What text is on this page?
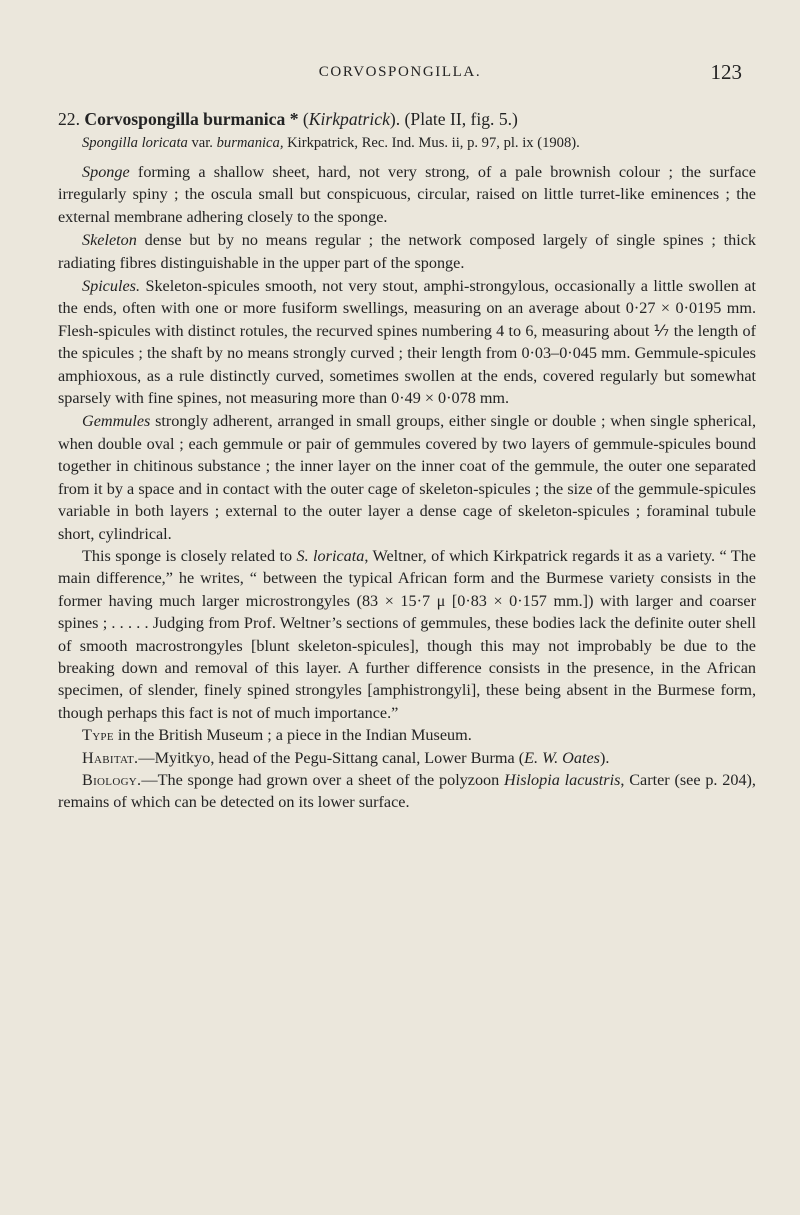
CORVOSPONGILLA.	123
22. Corvospongilla burmanica * (Kirkpatrick). (Plate II, fig. 5.)
Spongilla loricata var. burmanica, Kirkpatrick, Rec. Ind. Mus. ii, p. 97, pl. ix (1908).

Sponge forming a shallow sheet, hard, not very strong, of a pale brownish colour ; the surface irregularly spiny ; the oscula small but conspicuous, circular, raised on little turret-like eminences ; the external membrane adhering closely to the sponge.

Skeleton dense but by no means regular ; the network composed largely of single spines ; thick radiating fibres distinguishable in the upper part of the sponge.

Spicules. Skeleton-spicules smooth, not very stout, amphi-strongylous, occasionally a little swollen at the ends, often with one or more fusiform swellings, measuring on an average about 0·27 × 0·0195 mm. Flesh-spicules with distinct rotules, the recurved spines numbering 4 to 6, measuring about ⅐ the length of the spicules ; the shaft by no means strongly curved ; their length from 0·03–0·045 mm. Gemmule-spicules amphioxous, as a rule distinctly curved, sometimes swollen at the ends, covered regularly but somewhat sparsely with fine spines, not measuring more than 0·49 × 0·078 mm.

Gemmules strongly adherent, arranged in small groups, either single or double ; when single spherical, when double oval ; each gemmule or pair of gemmules covered by two layers of gemmule-spicules bound together in chitinous substance ; the inner layer on the inner coat of the gemmule, the outer one separated from it by a space and in contact with the outer cage of skeleton-spicules ; the size of the gemmule-spicules variable in both layers ; external to the outer layer a dense cage of skeleton-spicules ; foraminal tubule short, cylindrical.

This sponge is closely related to S. loricata, Weltner, of which Kirkpatrick regards it as a variety. “ The main difference,” he writes, “ between the typical African form and the Burmese variety consists in the former having much larger microstrongyles (83 × 15·7 μ [0·83 × 0·157 mm.]) with larger and coarser spines ; . . . . . Judging from Prof. Weltner’s sections of gemmules, these bodies lack the definite outer shell of smooth macrostrongyles [blunt skeleton-spicules], though this may not improbably be due to the breaking down and removal of this layer. A further difference consists in the presence, in the African specimen, of slender, finely spined strongyles [amphistrongyli], these being absent in the Burmese form, though perhaps this fact is not of much importance.”

Type in the British Museum ; a piece in the Indian Museum.

Habitat.—Myitkyo, head of the Pegu-Sittang canal, Lower Burma (E. W. Oates).

Biology.—The sponge had grown over a sheet of the polyzoon Hislopia lacustris, Carter (see p. 204), remains of which can be detected on its lower surface.
